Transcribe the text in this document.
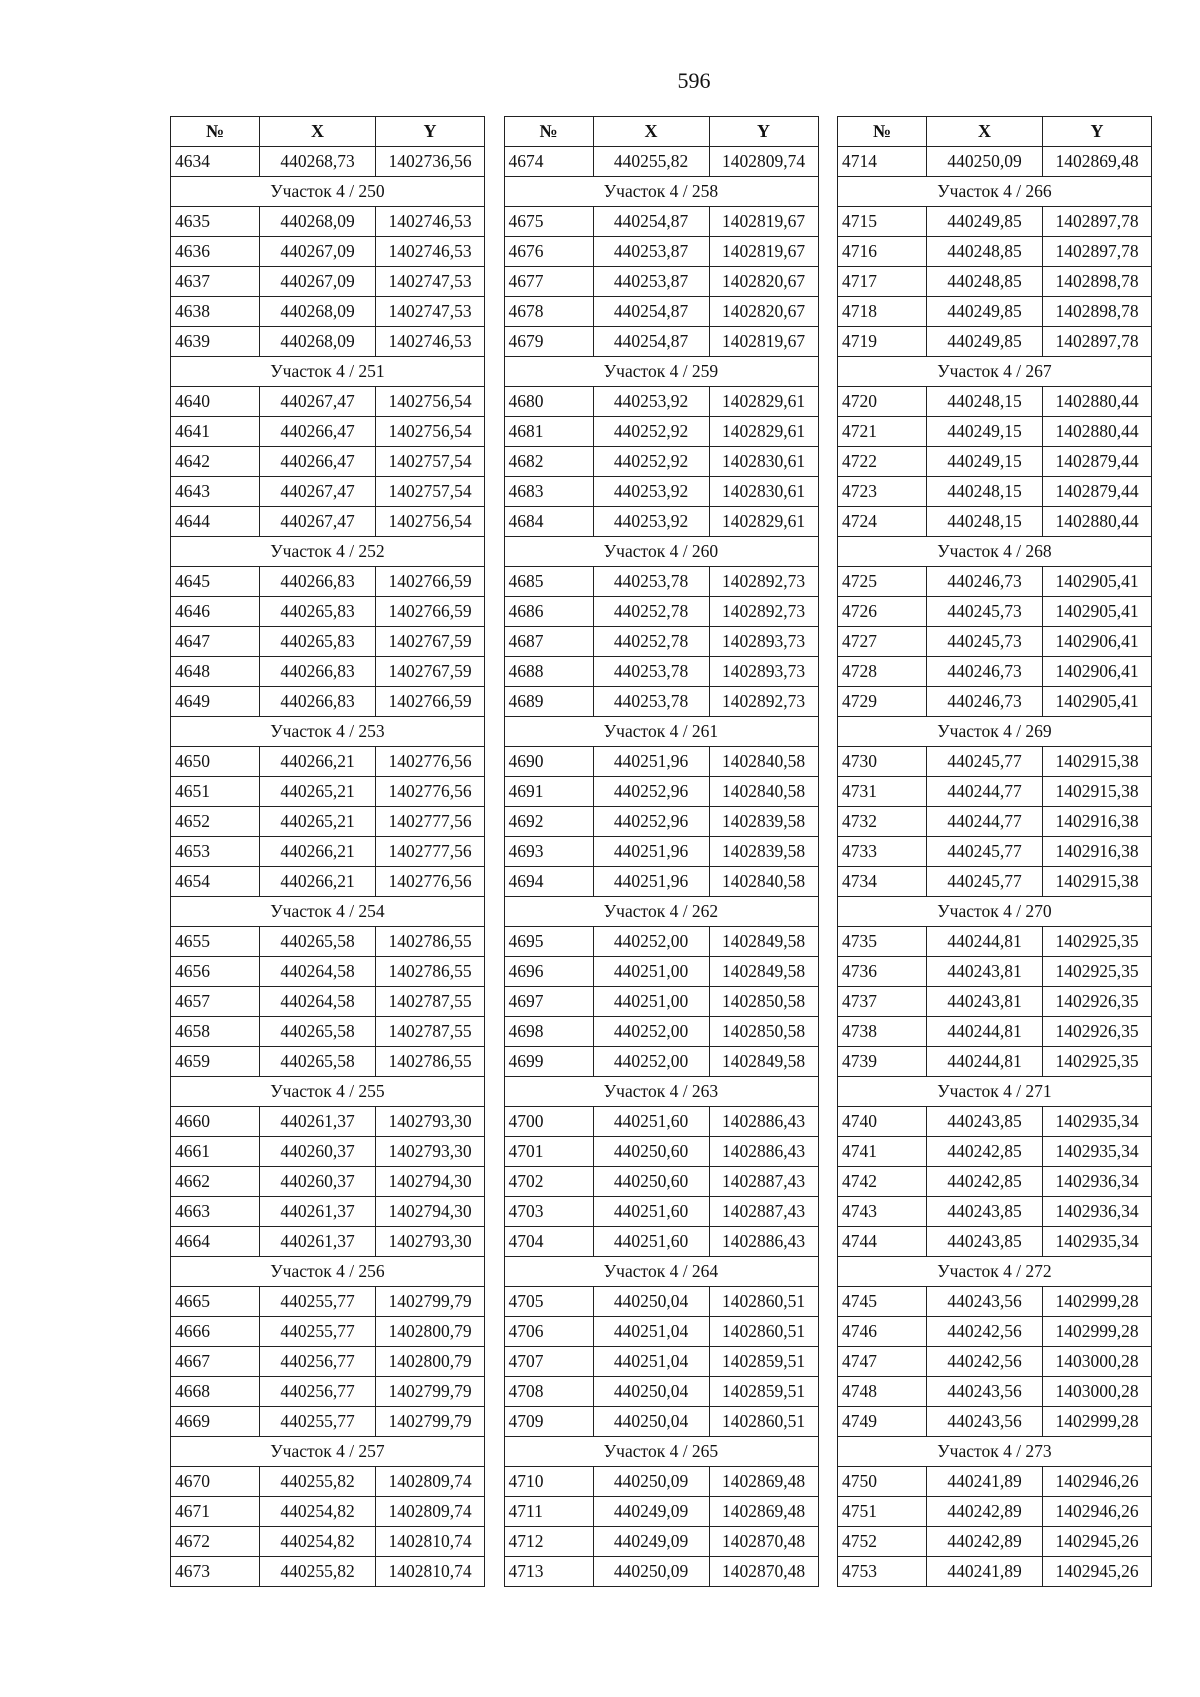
596
№	X	Y
4634	440268,73	1402736,56
Участок 4 / 250		
4635	440268,09	1402746,53
4636	440267,09	1402746,53
4637	440267,09	1402747,53
4638	440268,09	1402747,53
4639	440268,09	1402746,53
Участок 4 / 251		
4640	440267,47	1402756,54
4641	440266,47	1402756,54
4642	440266,47	1402757,54
4643	440267,47	1402757,54
4644	440267,47	1402756,54
Участок 4 / 252		
4645	440266,83	1402766,59
4646	440265,83	1402766,59
4647	440265,83	1402767,59
4648	440266,83	1402767,59
4649	440266,83	1402766,59
Участок 4 / 253		
4650	440266,21	1402776,56
4651	440265,21	1402776,56
4652	440265,21	1402777,56
4653	440266,21	1402777,56
4654	440266,21	1402776,56
Участок 4 / 254		
4655	440265,58	1402786,55
4656	440264,58	1402786,55
4657	440264,58	1402787,55
4658	440265,58	1402787,55
4659	440265,58	1402786,55
Участок 4 / 255		
4660	440261,37	1402793,30
4661	440260,37	1402793,30
4662	440260,37	1402794,30
4663	440261,37	1402794,30
4664	440261,37	1402793,30
Участок 4 / 256		
4665	440255,77	1402799,79
4666	440255,77	1402800,79
4667	440256,77	1402800,79
4668	440256,77	1402799,79
4669	440255,77	1402799,79
Участок 4 / 257		
4670	440255,82	1402809,74
4671	440254,82	1402809,74
4672	440254,82	1402810,74
4673	440255,82	1402810,74
№	X	Y
4674	440255,82	1402809,74
Участок 4 / 258		
4675	440254,87	1402819,67
4676	440253,87	1402819,67
4677	440253,87	1402820,67
4678	440254,87	1402820,67
4679	440254,87	1402819,67
Участок 4 / 259		
4680	440253,92	1402829,61
4681	440252,92	1402829,61
4682	440252,92	1402830,61
4683	440253,92	1402830,61
4684	440253,92	1402829,61
Участок 4 / 260		
4685	440253,78	1402892,73
4686	440252,78	1402892,73
4687	440252,78	1402893,73
4688	440253,78	1402893,73
4689	440253,78	1402892,73
Участок 4 / 261		
4690	440251,96	1402840,58
4691	440252,96	1402840,58
4692	440252,96	1402839,58
4693	440251,96	1402839,58
4694	440251,96	1402840,58
Участок 4 / 262		
4695	440252,00	1402849,58
4696	440251,00	1402849,58
4697	440251,00	1402850,58
4698	440252,00	1402850,58
4699	440252,00	1402849,58
Участок 4 / 263		
4700	440251,60	1402886,43
4701	440250,60	1402886,43
4702	440250,60	1402887,43
4703	440251,60	1402887,43
4704	440251,60	1402886,43
Участок 4 / 264		
4705	440250,04	1402860,51
4706	440251,04	1402860,51
4707	440251,04	1402859,51
4708	440250,04	1402859,51
4709	440250,04	1402860,51
Участок 4 / 265		
4710	440250,09	1402869,48
4711	440249,09	1402869,48
4712	440249,09	1402870,48
4713	440250,09	1402870,48
№	X	Y
4714	440250,09	1402869,48
Участок 4 / 266		
4715	440249,85	1402897,78
4716	440248,85	1402897,78
4717	440248,85	1402898,78
4718	440249,85	1402898,78
4719	440249,85	1402897,78
Участок 4 / 267		
4720	440248,15	1402880,44
4721	440249,15	1402880,44
4722	440249,15	1402879,44
4723	440248,15	1402879,44
4724	440248,15	1402880,44
Участок 4 / 268		
4725	440246,73	1402905,41
4726	440245,73	1402905,41
4727	440245,73	1402906,41
4728	440246,73	1402906,41
4729	440246,73	1402905,41
Участок 4 / 269		
4730	440245,77	1402915,38
4731	440244,77	1402915,38
4732	440244,77	1402916,38
4733	440245,77	1402916,38
4734	440245,77	1402915,38
Участок 4 / 270		
4735	440244,81	1402925,35
4736	440243,81	1402925,35
4737	440243,81	1402926,35
4738	440244,81	1402926,35
4739	440244,81	1402925,35
Участок 4 / 271		
4740	440243,85	1402935,34
4741	440242,85	1402935,34
4742	440242,85	1402936,34
4743	440243,85	1402936,34
4744	440243,85	1402935,34
Участок 4 / 272		
4745	440243,56	1402999,28
4746	440242,56	1402999,28
4747	440242,56	1403000,28
4748	440243,56	1403000,28
4749	440243,56	1402999,28
Участок 4 / 273		
4750	440241,89	1402946,26
4751	440242,89	1402946,26
4752	440242,89	1402945,26
4753	440241,89	1402945,26
